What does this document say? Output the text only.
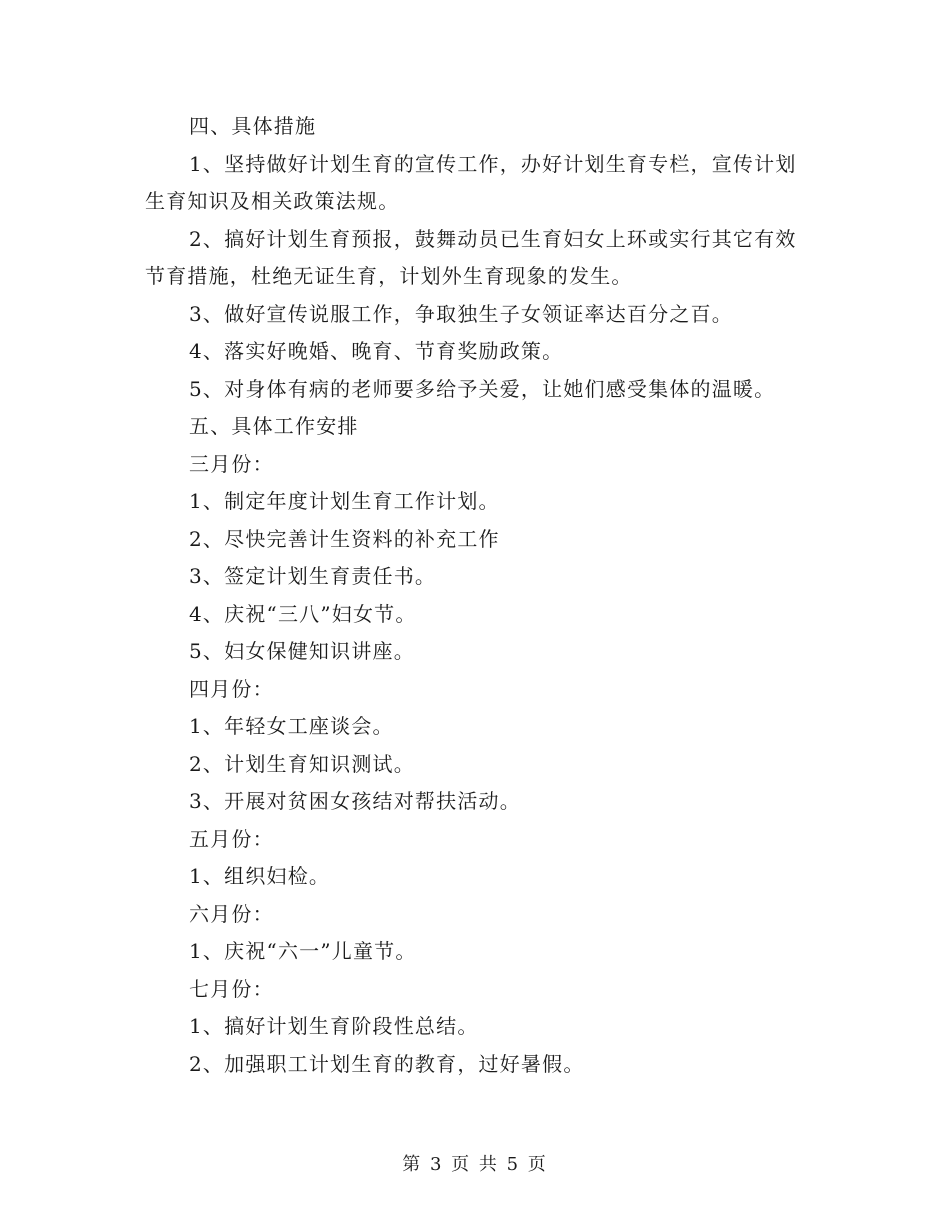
四、具体措施
1、坚持做好计划生育的宣传工作，办好计划生育专栏，宣传计划
生育知识及相关政策法规。
2、搞好计划生育预报，鼓舞动员已生育妇女上环或实行其它有效
节育措施，杜绝无证生育，计划外生育现象的发生。
3、做好宣传说服工作，争取独生子女领证率达百分之百。
4、落实好晚婚、晚育、节育奖励政策。
5、对身体有病的老师要多给予关爱，让她们感受集体的温暖。
五、具体工作安排
三月份：
1、制定年度计划生育工作计划。
2、尽快完善计生资料的补充工作
3、签定计划生育责任书。
4、庆祝“三八”妇女节。
5、妇女保健知识讲座。
四月份：
1、年轻女工座谈会。
2、计划生育知识测试。
3、开展对贫困女孩结对帮扶活动。
五月份：
1、组织妇检。
六月份：
1、庆祝“六一”儿童节。
七月份：
1、搞好计划生育阶段性总结。
2、加强职工计划生育的教育，过好暑假。
第 3 页 共 5 页
